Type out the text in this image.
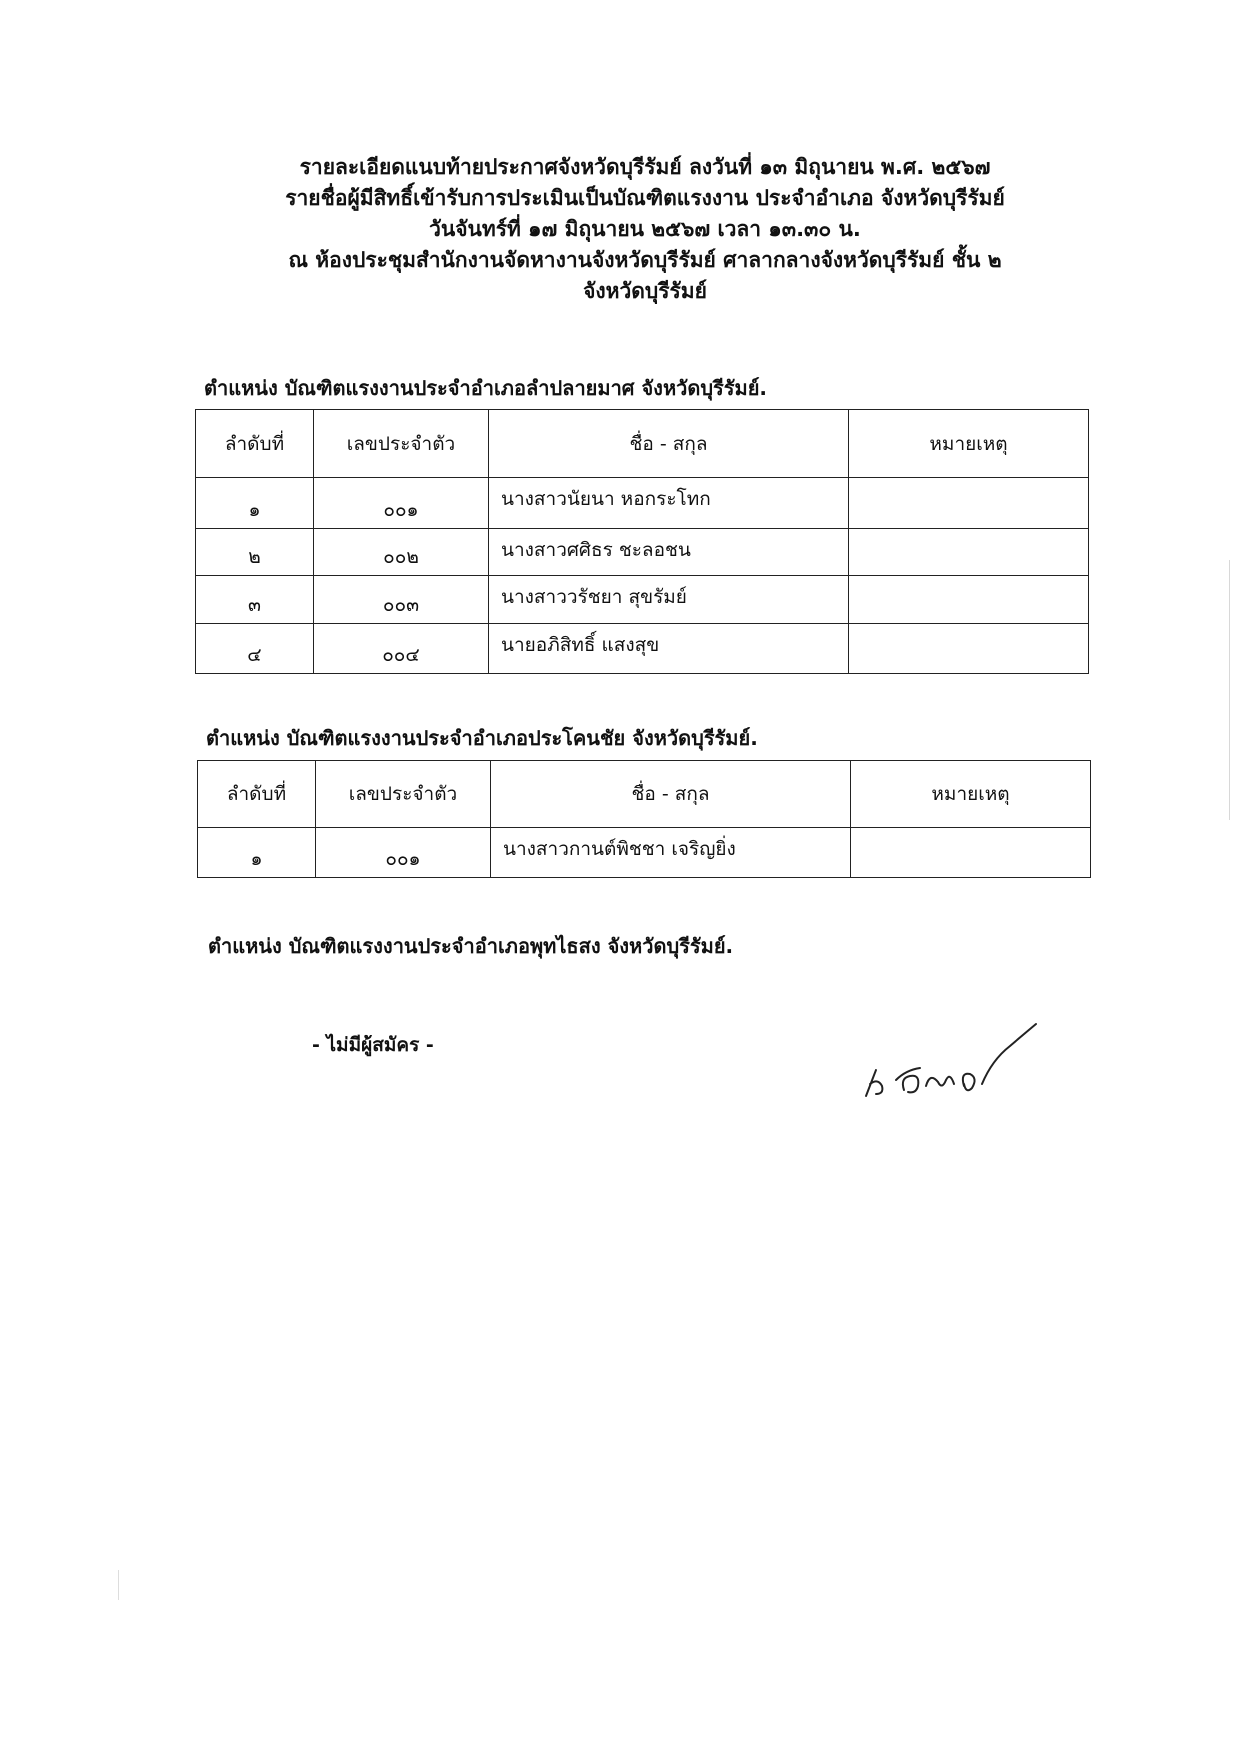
รายละเอียดแนบท้ายประกาศจังหวัดบุรีรัมย์ ลงวันที่ ๑๓ มิถุนายน พ.ศ. ๒๕๖๗
รายชื่อผู้มีสิทธิ์เข้ารับการประเมินเป็นบัณฑิตแรงงาน ประจำอำเภอ จังหวัดบุรีรัมย์
วันจันทร์ที่ ๑๗ มิถุนายน ๒๕๖๗ เวลา ๑๓.๓๐ น.
ณ ห้องประชุมสำนักงานจัดหางานจังหวัดบุรีรัมย์ ศาลากลางจังหวัดบุรีรัมย์ ชั้น ๒
จังหวัดบุรีรัมย์
ตำแหน่ง บัณฑิตแรงงานประจำอำเภอลำปลายมาศ จังหวัดบุรีรัมย์.
ลำดับที่	เลขประจำตัว	ชื่อ - สกุล	หมายเหตุ
๑	๐๐๑	นางสาวนัยนา หอกระโทก	
๒	๐๐๒	นางสาวศศิธร ชะลอชน	
๓	๐๐๓	นางสาววรัชยา สุขรัมย์	
๔	๐๐๔	นายอภิสิทธิ์ แสงสุข	
ตำแหน่ง บัณฑิตแรงงานประจำอำเภอประโคนชัย จังหวัดบุรีรัมย์.
ลำดับที่	เลขประจำตัว	ชื่อ - สกุล	หมายเหตุ
๑	๐๐๑	นางสาวกานต์พิชชา เจริญยิ่ง	
ตำแหน่ง บัณฑิตแรงงานประจำอำเภอพุทไธสง จังหวัดบุรีรัมย์.
- ไม่มีผู้สมัคร -
